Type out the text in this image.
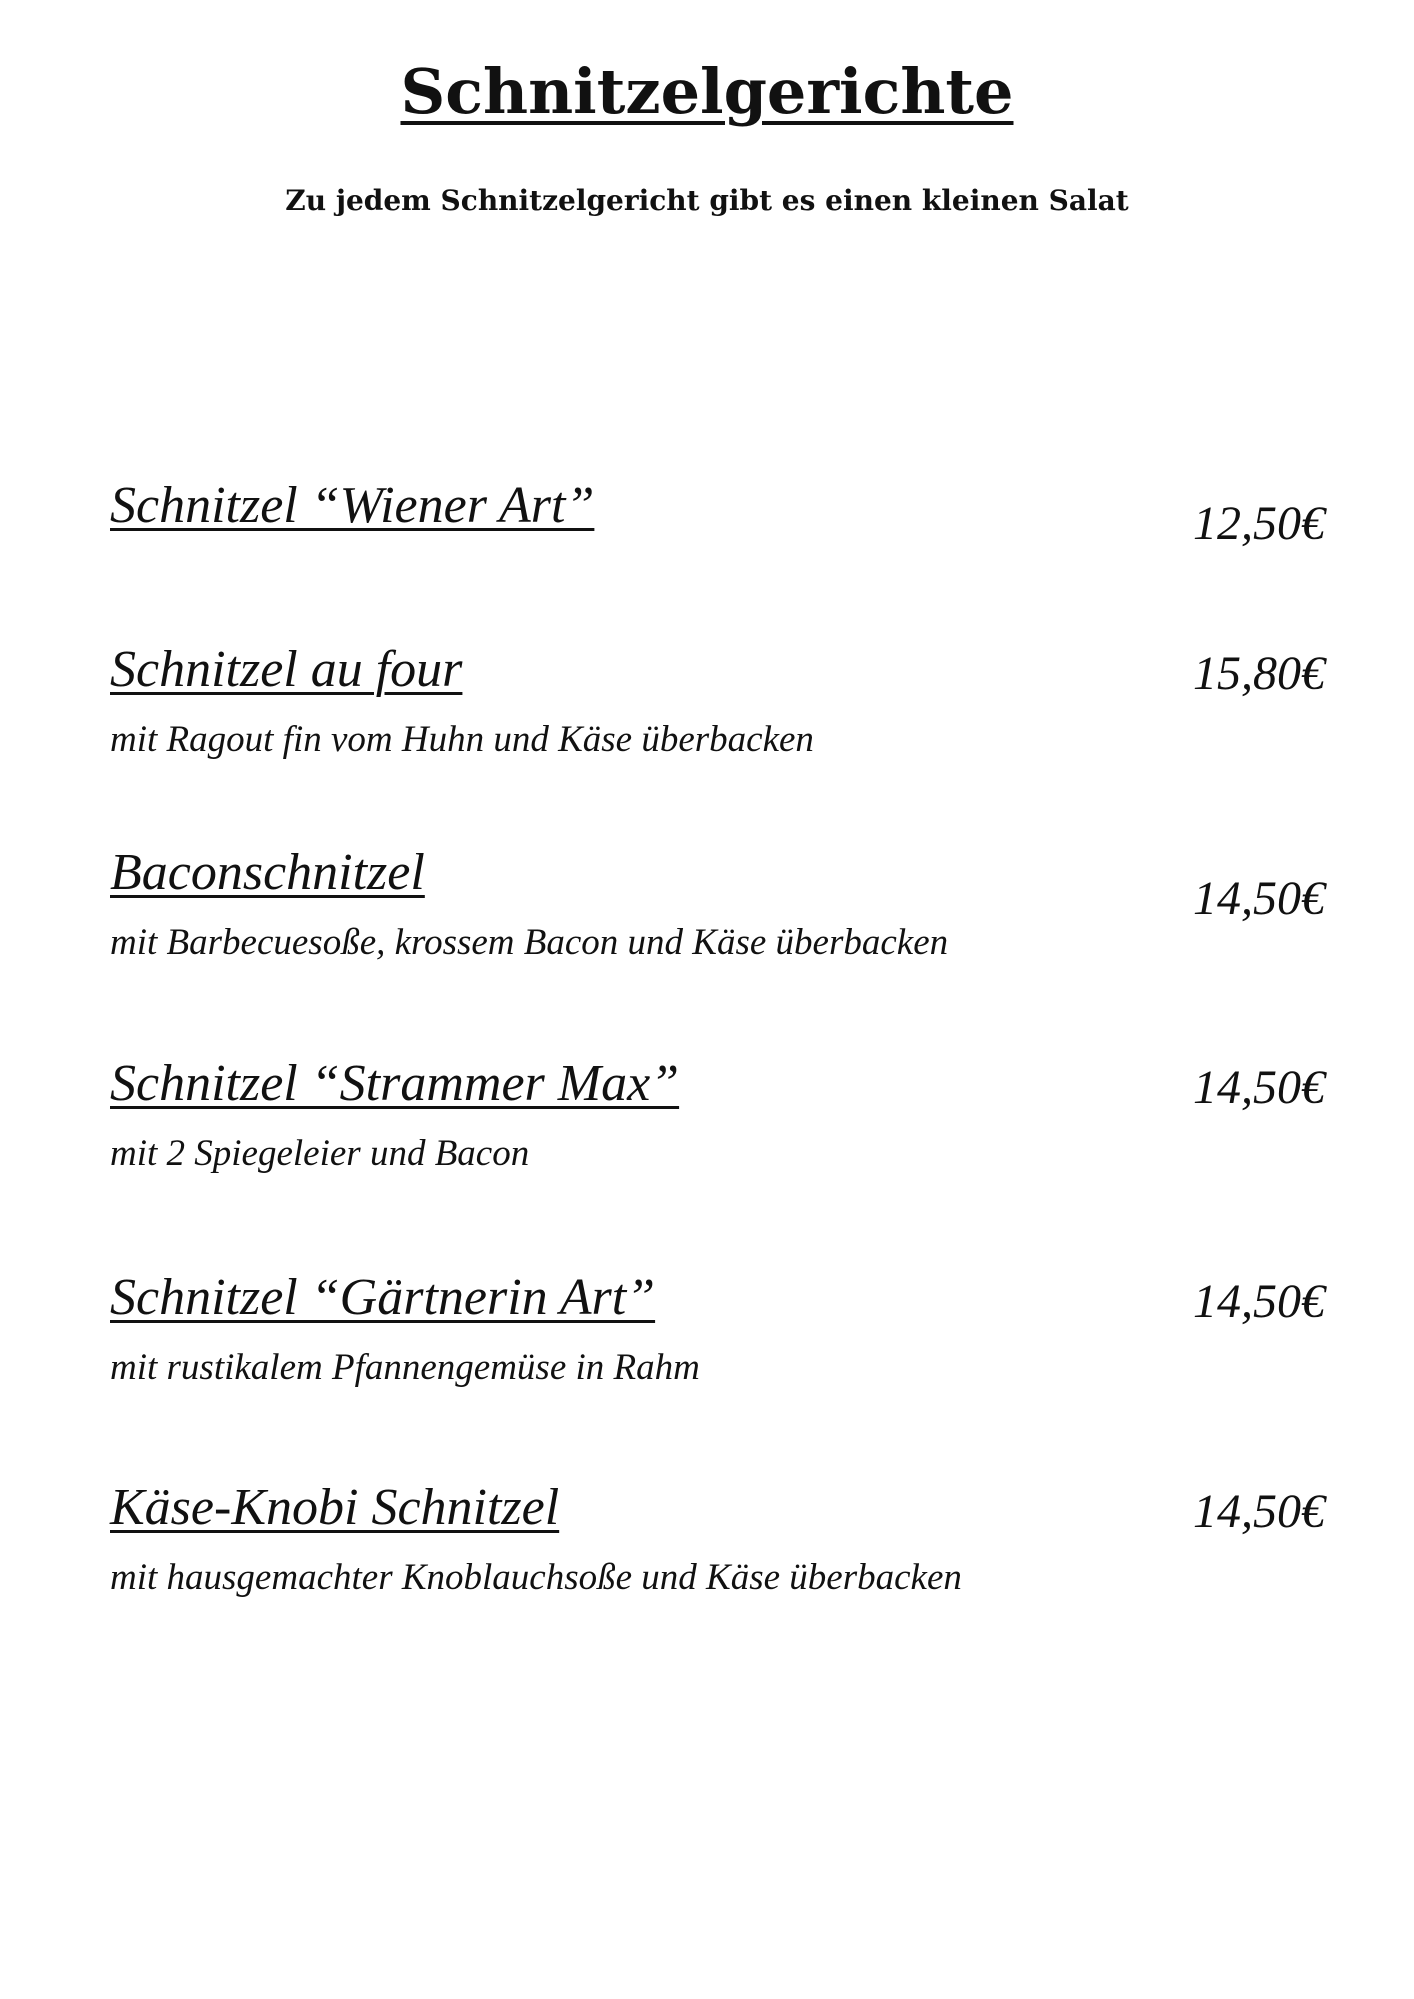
Schnitzelgerichte
Zu jedem Schnitzelgericht gibt es einen kleinen Salat
Schnitzel “Wiener Art”	12,50€
Schnitzel au four
mit Ragout fin vom Huhn und Käse überbacken
15,80€
Baconschnitzel
mit Barbecuesoße, krossem Bacon und Käse überbacken
14,50€
Schnitzel “Strammer Max”
mit 2 Spiegeleier und Bacon
14,50€
Schnitzel “Gärtnerin Art”
mit rustikalem Pfannengemüse in Rahm
14,50€
Käse-Knobi Schnitzel
mit hausgemachter Knoblauchsoße und Käse überbacken
14,50€
